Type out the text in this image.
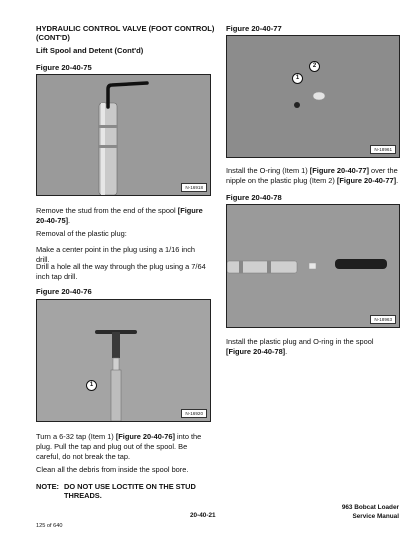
HYDRAULIC CONTROL VALVE (FOOT CONTROL)
(CONT'D)
Lift Spool and Detent (Cont'd)
Figure 20-40-75
N-16918
Remove the stud from the end of the spool [Figure 20-40-75].
Removal of the plastic plug:
Make a center point in the plug using a 1/16 inch drill.
Drill a hole all the way through the plug using a 7/64 inch tap drill.
Figure 20-40-76
1
N-16920
Turn a 6-32 tap (Item 1) [Figure 20-40-76] into the plug. Pull the tap and plug out of the spool. Be careful, do not break the tap.
Clean all the debris from inside the spool bore.
NOTE: DO NOT USE LOCTITE ON THE STUD THREADS.
Figure 20-40-77
1
2
N-18961
Install the O-ring (Item 1) [Figure 20-40-77] over the nipple on the plastic plug (Item 2) [Figure 20-40-77].
Figure 20-40-78
N-18963
Install the plastic plug and O-ring in the spool [Figure 20-40-78].
20-40-21
963 Bobcat Loader
Service Manual
125 of 640
